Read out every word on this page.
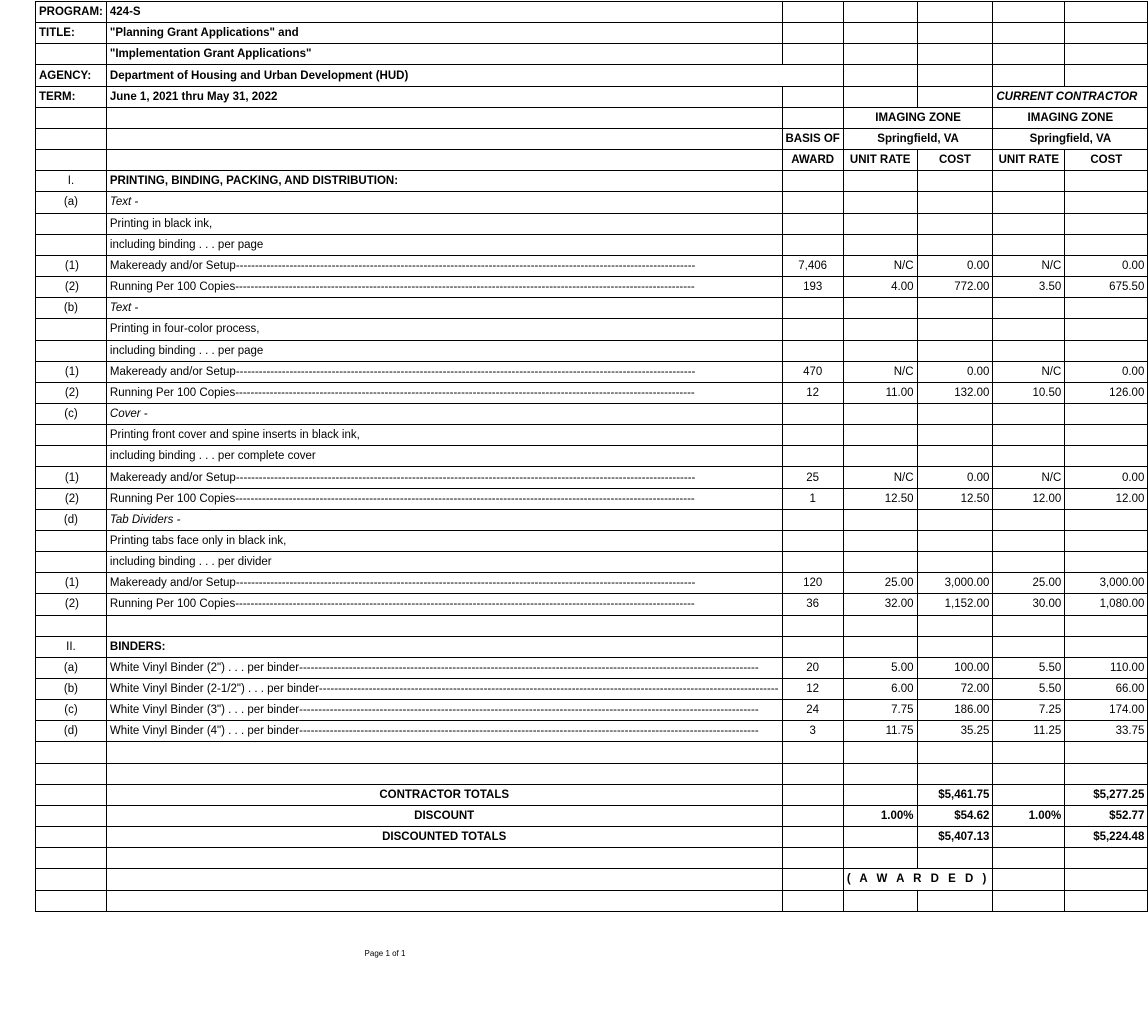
PROGRAM:	424-S					
TITLE:	"Planning Grant Applications" and					
	"Implementation Grant Applications"					
AGENCY:	Department of Housing and Urban Development (HUD)					
TERM:	June 1, 2021 thru May 31, 2022				CURRENT CONTRACTOR	
			IMAGING ZONE		IMAGING ZONE	
		BASIS OF	Springfield, VA		Springfield, VA	
		AWARD	UNIT RATE	COST	UNIT RATE	COST
I.	PRINTING, BINDING, PACKING, AND DISTRIBUTION:					
(a)	Text -					
	Printing in black ink,					
	including binding . . . per page					
(1)	Makeready and/or Setup------------------------------------------------------------------------------------------------------------------------	7,406	N/C	0.00	N/C	0.00
(2)	Running Per 100 Copies------------------------------------------------------------------------------------------------------------------------	193	4.00	772.00	3.50	675.50
(b)	Text -					
	Printing in four-color process,					
	including binding . . . per page					
(1)	Makeready and/or Setup------------------------------------------------------------------------------------------------------------------------	470	N/C	0.00	N/C	0.00
(2)	Running Per 100 Copies------------------------------------------------------------------------------------------------------------------------	12	11.00	132.00	10.50	126.00
(c)	Cover -					
	Printing front cover and spine inserts in black ink,					
	including binding . . . per complete cover					
(1)	Makeready and/or Setup------------------------------------------------------------------------------------------------------------------------	25	N/C	0.00	N/C	0.00
(2)	Running Per 100 Copies------------------------------------------------------------------------------------------------------------------------	1	12.50	12.50	12.00	12.00
(d)	Tab Dividers -					
	Printing tabs face only in black ink,					
	including binding . . . per divider					
(1)	Makeready and/or Setup------------------------------------------------------------------------------------------------------------------------	120	25.00	3,000.00	25.00	3,000.00
(2)	Running Per 100 Copies------------------------------------------------------------------------------------------------------------------------	36	32.00	1,152.00	30.00	1,080.00

II.	BINDERS:					
(a)	White Vinyl Binder (2") . . . per binder------------------------------------------------------------------------------------------------------------------------	20	5.00	100.00	5.50	110.00
(b)	White Vinyl Binder (2-1/2") . . . per binder------------------------------------------------------------------------------------------------------------------------	12	6.00	72.00	5.50	66.00
(c)	White Vinyl Binder (3") . . . per binder------------------------------------------------------------------------------------------------------------------------	24	7.75	186.00	7.25	174.00
(d)	White Vinyl Binder (4") . . . per binder------------------------------------------------------------------------------------------------------------------------	3	11.75	35.25	11.25	33.75

	CONTRACTOR TOTALS			$5,461.75		$5,277.25
	DISCOUNT		1.00%	$54.62	1.00%	$52.77
	DISCOUNTED TOTALS			$5,407.13		$5,224.48

			( A W A R D E D )			

Page 1 of 1
